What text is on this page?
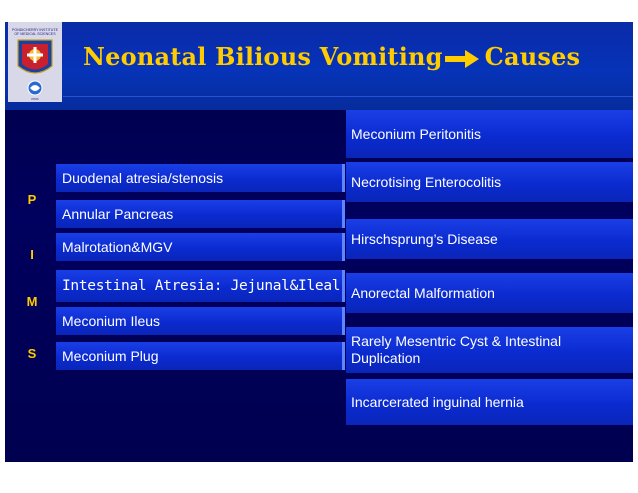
PONDICHERRY INSTITUTE
OF MEDICAL SCIENCES
PIMS
Neonatal Bilious Vomiting Causes
P
I
M
S
Duodenal atresia/stenosis
Annular Pancreas
Malrotation&MGV
Intestinal Atresia: Jejunal&Ileal
Meconium Ileus
Meconium Plug
Meconium Peritonitis
Necrotising Enterocolitis
Hirschsprung’s Disease
Anorectal Malformation
Rarely Mesentric Cyst & Intestinal Duplication
Incarcerated inguinal hernia
